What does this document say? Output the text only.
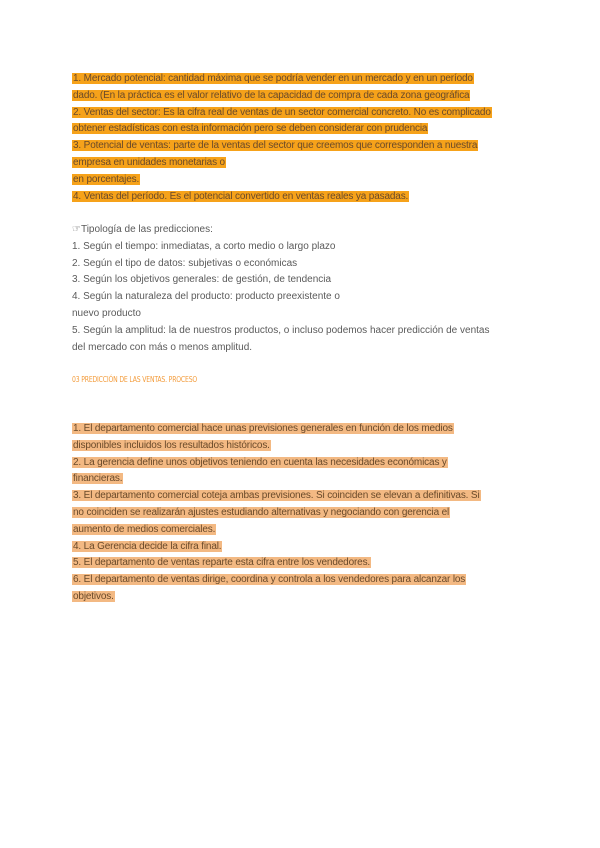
1. Mercado potencial: cantidad máxima que se podría vender en un mercado y en un período
dado. (En la práctica es el valor relativo de la capacidad de compra de cada zona geográfica
2. Ventas del sector: Es la cifra real de ventas de un sector comercial concreto. No es complicado
obtener estadísticas con esta información pero se deben considerar con prudencia
3. Potencial de ventas: parte de la ventas del sector que creemos que corresponden a nuestra
empresa en unidades monetarias o
en porcentajes.
4. Ventas del período. Es el potencial convertido en ventas reales ya pasadas.
☞Tipología de las predicciones:
1. Según el tiempo: inmediatas, a corto medio o largo plazo
2. Según el tipo de datos: subjetivas o económicas
3. Según los objetivos generales: de gestión, de tendencia
4. Según la naturaleza del producto: producto preexistente o
nuevo producto
5. Según la amplitud: la de nuestros productos, o incluso podemos hacer predicción de ventas
del mercado con más o menos amplitud.
03 PREDICCIÓN DE LAS VENTAS. PROCESO
1. El departamento comercial hace unas previsiones generales en función de los medios
disponibles incluidos los resultados históricos.
2. La gerencia define unos objetivos teniendo en cuenta las necesidades económicas y
financieras.
3. El departamento comercial coteja ambas previsiones. Si coinciden se elevan a definitivas. Si
no coinciden se realizarán ajustes estudiando alternativas y negociando con gerencia el
aumento de medios comerciales.
4. La Gerencia decide la cifra final.
5. El departamento de ventas reparte esta cifra entre los vendedores.
6. El departamento de ventas dirige, coordina y controla a los vendedores para alcanzar los
objetivos.
